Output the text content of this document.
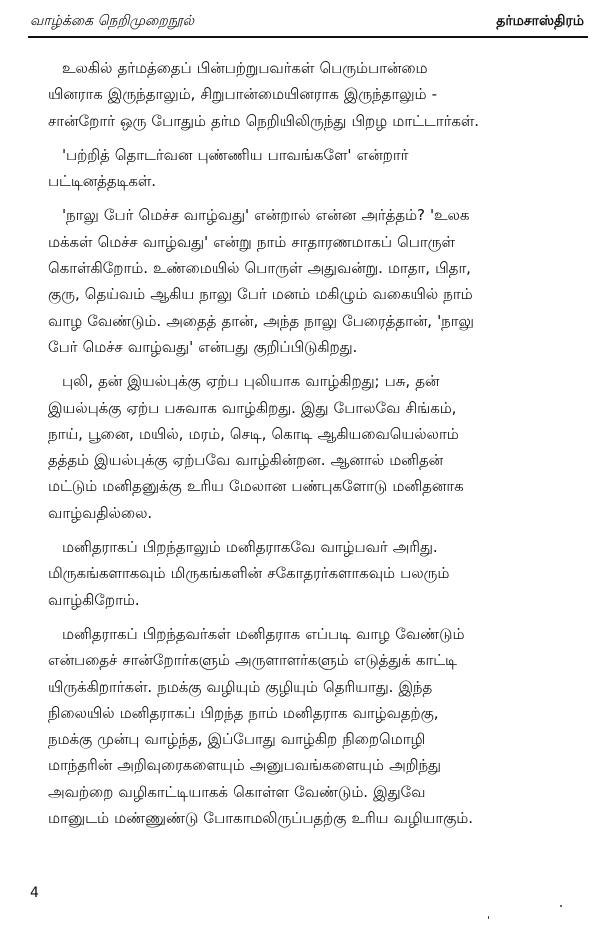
வாழ்க்கை நெறிமுறைநூல்	தர்மசாஸ்திரம்

உலகில் தர்மத்தைப் பின்பற்றுபவர்கள் பெரும்பான்மை
யினராக இருந்தாலும், சிறுபான்மையினராக இருந்தாலும் -
சான்றோர் ஒரு போதும் தர்ம நெறியிலிருந்து பிறழ மாட்டார்கள்.

'பற்றித் தொடர்வன புண்ணிய பாவங்களே' என்றார்
பட்டினத்தடிகள்.

'நாலு பேர் மெச்ச வாழ்வது' என்றால் என்ன அர்த்தம்? 'உலக
மக்கள் மெச்ச வாழ்வது' என்று நாம் சாதாரணமாகப் பொருள்
கொள்கிறோம். உண்மையில் பொருள் அதுவன்று. மாதா, பிதா,
குரு, தெய்வம் ஆகிய நாலு பேர் மனம் மகிழும் வகையில் நாம்
வாழ வேண்டும். அதைத் தான், அந்த நாலு பேரைத்தான், 'நாலு
பேர் மெச்ச வாழ்வது' என்பது குறிப்பிடுகிறது.

புலி, தன் இயல்புக்கு ஏற்ப புலியாக வாழ்கிறது; பசு, தன்
இயல்புக்கு ஏற்ப பசுவாக வாழ்கிறது. இது போலவே சிங்கம்,
நாய், பூனை, மயில், மரம், செடி, கொடி ஆகியவையெல்லாம்
தத்தம் இயல்புக்கு ஏற்பவே வாழ்கின்றன. ஆனால் மனிதன்
மட்டும் மனிதனுக்கு உரிய மேலான பண்புகளோடு மனிதனாக
வாழ்வதில்லை.

மனிதராகப் பிறந்தாலும் மனிதராகவே வாழ்பவர் அரிது.
மிருகங்களாகவும் மிருகங்களின் சகோதரர்களாகவும் பலரும்
வாழ்கிறோம்.

மனிதராகப் பிறந்தவர்கள் மனிதராக எப்படி வாழ வேண்டும்
என்பதைச் சான்றோர்களும் அருளாளர்களும் எடுத்துக் காட்டி
யிருக்கிறார்கள். நமக்கு வழியும் குழியும் தெரியாது. இந்த
நிலையில் மனிதராகப் பிறந்த நாம் மனிதராக வாழ்வதற்கு,
நமக்கு முன்பு வாழ்ந்த, இப்போது வாழ்கிற நிறைமொழி
மாந்தரின் அறிவுரைகளையும் அனுபவங்களையும் அறிந்து
அவற்றை வழிகாட்டியாகக் கொள்ள வேண்டும். இதுவே
மானுடம் மண்ணுண்டு போகாமலிருப்பதற்கு உரிய வழியாகும்.

4
